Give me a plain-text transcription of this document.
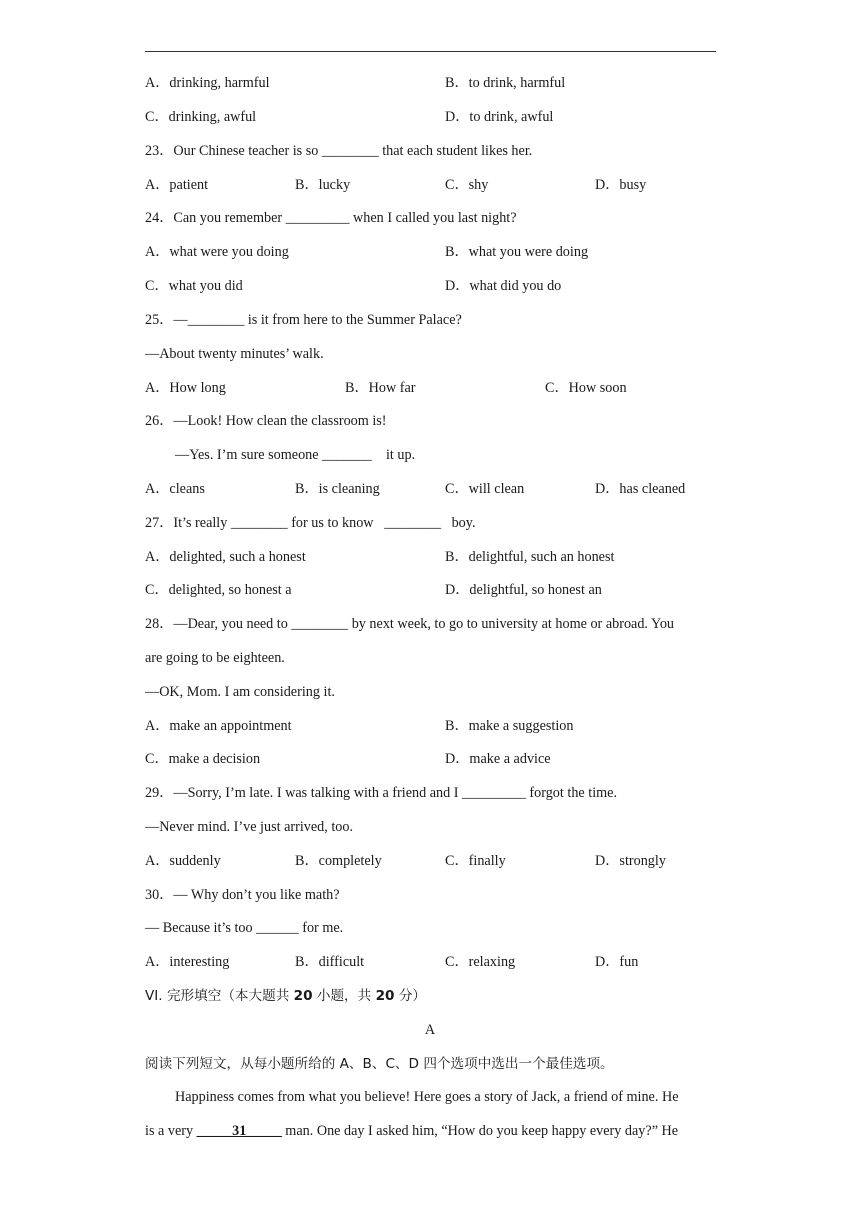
A．drinking, harmful	B．to drink, harmful
C．drinking, awful	D．to drink, awful
23．Our Chinese teacher is so ________ that each student likes her.
A．patient	B．lucky	C．shy	D．busy
24．Can you remember _________ when I called you last night?
A．what were you doing	B．what you were doing
C．what you did	D．what did you do
25．—________ is it from here to the Summer Palace?
—About twenty minutes’ walk.
A．How long	B．How far	C．How soon
26．—Look! How clean the classroom is!
—Yes. I’m sure someone _______    it up.
A．cleans	B．is cleaning	C．will clean	D．has cleaned
27．It’s really ________ for us to know   ________   boy.
A．delighted, such a honest	B．delightful, such an honest
C．delighted, so honest a	D．delightful, so honest an
28．—Dear, you need to ________ by next week, to go to university at home or abroad. You
are going to be eighteen.
—OK, Mom. I am considering it.
A．make an appointment	B．make a suggestion
C．make a decision	D．make a advice
29．—Sorry, I’m late. I was talking with a friend and I _________ forgot the time.
—Never mind. I’ve just arrived, too.
A．suddenly	B．completely	C．finally	D．strongly
30．— Why don’t you like math?
— Because it’s too ______ for me.
A．interesting	B．difficult	C．relaxing	D．fun
VI. 完形填空（本大题共 20 小题，共 20 分）
A
阅读下列短文，从每小题所给的 A、B、C、D 四个选项中选出一个最佳选项。
Happiness comes from what you believe! Here goes a story of Jack, a friend of mine. He
is a very _____31_____ man. One day I asked him, “How do you keep happy every day?” He
